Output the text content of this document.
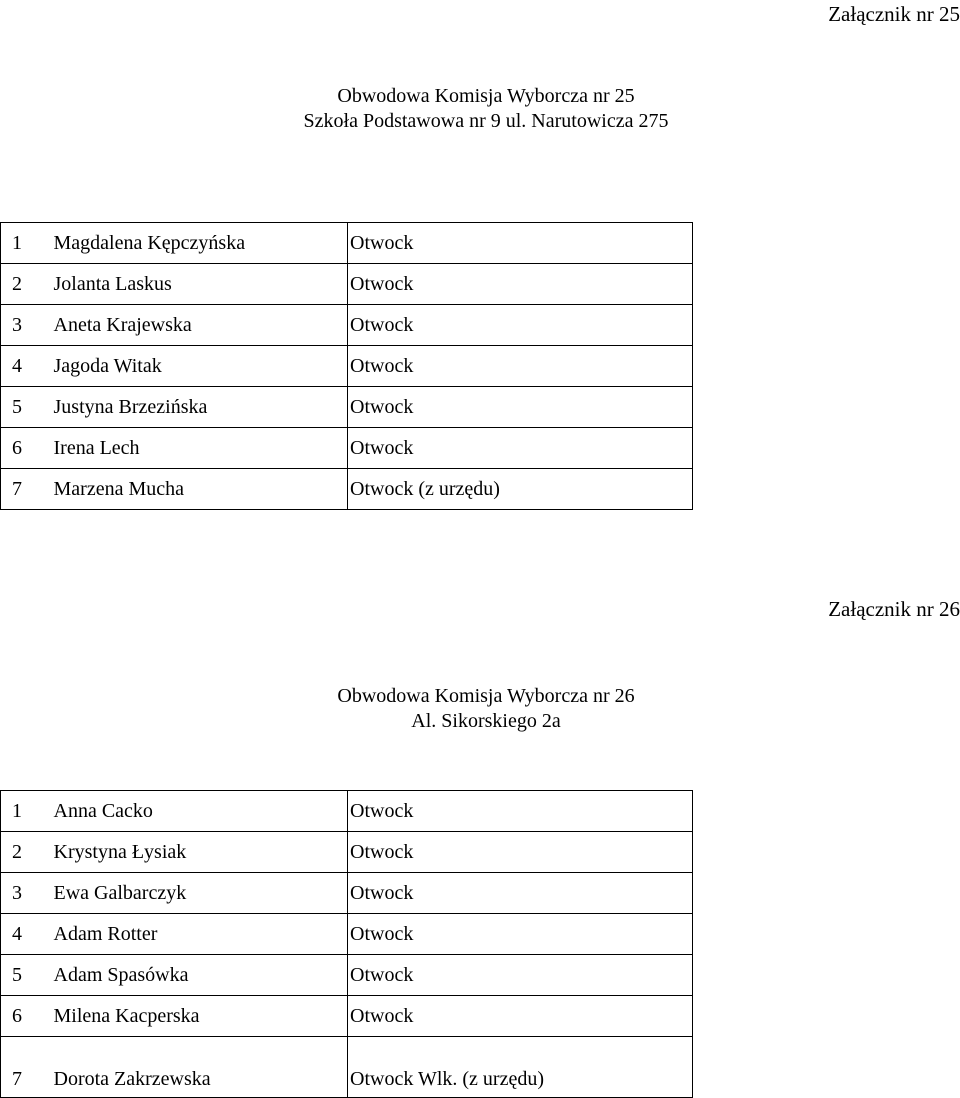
Załącznik nr 25

Obwodowa Komisja Wyborcza nr 25
Szkoła Podstawowa nr 9 ul. Narutowicza 275
1	Magdalena Kępczyńska	Otwock
2	Jolanta Laskus	Otwock
3	Aneta Krajewska	Otwock
4	Jagoda Witak	Otwock
5	Justyna Brzezińska	Otwock
6	Irena Lech	Otwock
7	Marzena Mucha	Otwock (z urzędu)

Załącznik nr 26

Obwodowa Komisja Wyborcza nr 26
Al. Sikorskiego 2a
1	Anna Cacko	Otwock
2	Krystyna Łysiak	Otwock
3	Ewa Galbarczyk	Otwock
4	Adam Rotter	Otwock
5	Adam Spasówka	Otwock
6	Milena Kacperska	Otwock
7	Dorota Zakrzewska	Otwock Wlk. (z urzędu)
